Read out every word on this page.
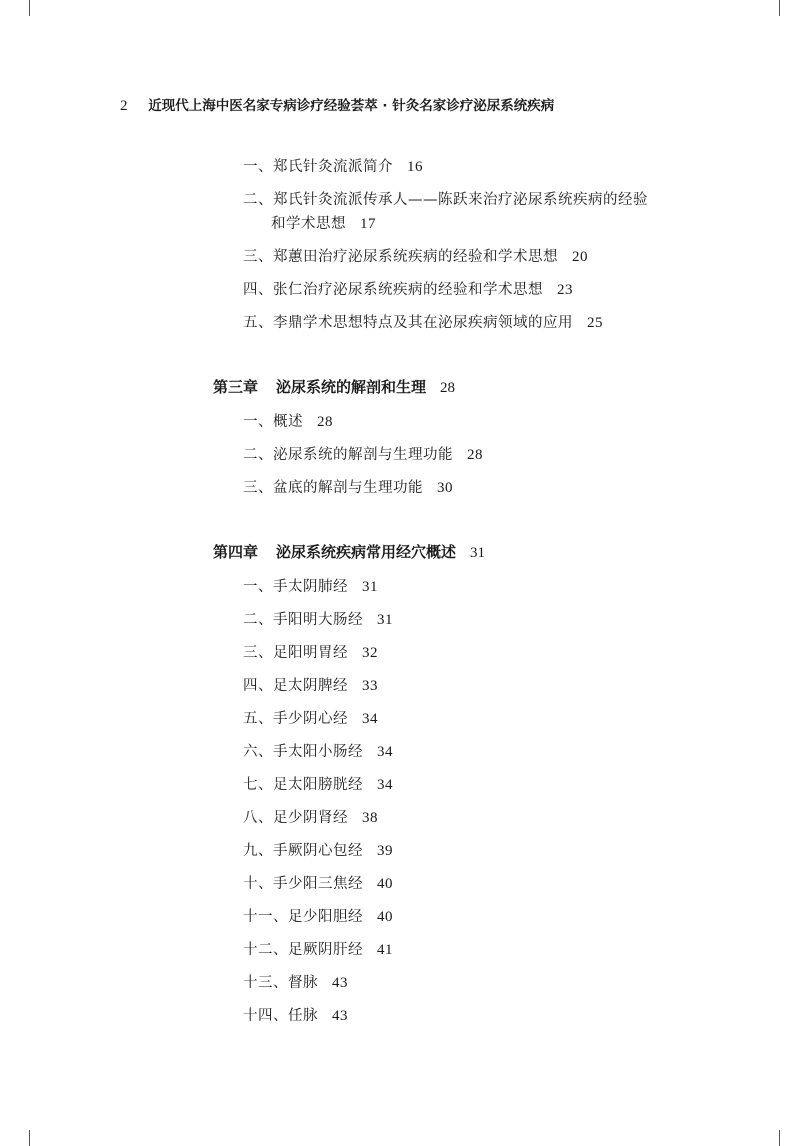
2 近现代上海中医名家专病诊疗经验荟萃 · 针灸名家诊疗泌尿系统疾病
一、郑氏针灸流派简介 16
二、郑氏针灸流派传承人——陈跃来治疗泌尿系统疾病的经验
和学术思想 17
三、郑蕙田治疗泌尿系统疾病的经验和学术思想 20
四、张仁治疗泌尿系统疾病的经验和学术思想 23
五、李鼎学术思想特点及其在泌尿疾病领域的应用 25
第三章 泌尿系统的解剖和生理 28
一、概述 28
二、泌尿系统的解剖与生理功能 28
三、盆底的解剖与生理功能 30
第四章 泌尿系统疾病常用经穴概述 31
一、手太阴肺经 31
二、手阳明大肠经 31
三、足阳明胃经 32
四、足太阴脾经 33
五、手少阴心经 34
六、手太阳小肠经 34
七、足太阳膀胱经 34
八、足少阴肾经 38
九、手厥阴心包经 39
十、手少阳三焦经 40
十一、足少阳胆经 40
十二、足厥阴肝经 41
十三、督脉 43
十四、任脉 43
